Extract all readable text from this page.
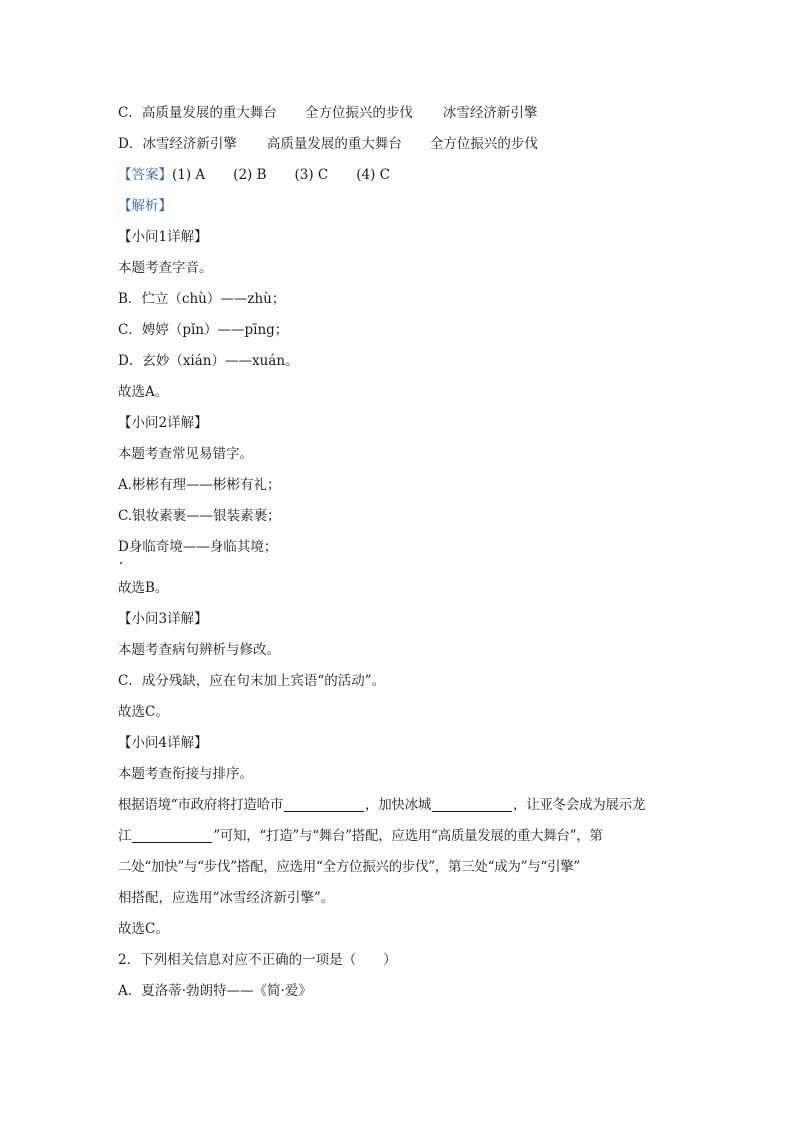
C．高质量发展的重大舞台 全方位振兴的步伐 冰雪经济新引擎
D．冰雪经济新引擎 高质量发展的重大舞台 全方位振兴的步伐
【答案】(1) A (2) B (3) C (4) C
【解析】
【小问1详解】
本题考查字音。
B．伫立（chù）——zhù；
C．娉婷（pǐn）——pīng；
D．玄妙（xián）——xuán。
故选A。
【小问2详解】
本题考查常见易错字。
A.彬彬有理——彬彬有礼；
C.银妆素裹——银装素裹；
D身临奇境——身临其境；
故选B。
【小问3详解】
本题考查病句辨析与修改。
C．成分残缺，应在句末加上宾语“的活动”。
故选C。
【小问4详解】
本题考查衔接与排序。
根据语境“市政府将打造哈市	，加快冰城	，让亚冬会成为展示龙
江	”可知，“打造”与“舞台”搭配，应选用“高质量发展的重大舞台”，第
二处“加快”与“步伐”搭配，应选用“全方位振兴的步伐”，第三处“成为”与“引擎”
相搭配，应选用“冰雪经济新引擎”。
故选C。
2．下列相关信息对应不正确的一项是（　　）
A．夏洛蒂·勃朗特——《简·爱》
